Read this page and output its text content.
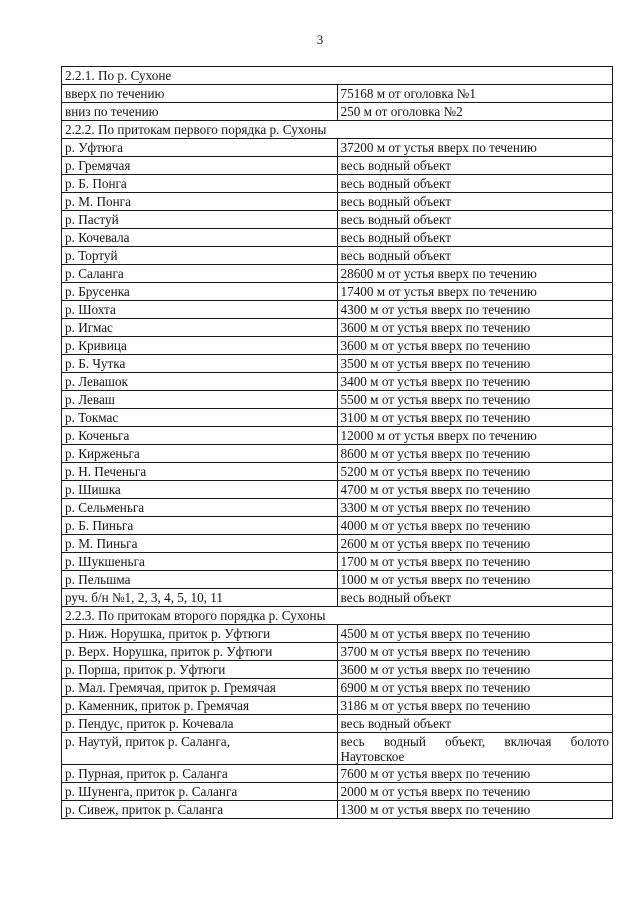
3
2.2.1. По р. Сухоне	
вверх по течению	75168 м от оголовка №1
вниз по течению	250 м от оголовка №2
2.2.2. По притокам первого порядка р. Сухоны	
р. Уфтюга	37200 м от устья вверх по течению
р. Гремячая	весь водный объект
р. Б. Понга	весь водный объект
р. М. Понга	весь водный объект
р. Пастуй	весь водный объект
р. Кочевала	весь водный объект
р. Тортуй	весь водный объект
р. Саланга	28600 м от устья вверх по течению
р. Брусенка	17400 м от устья вверх по течению
р. Шохта	4300 м от устья вверх по течению
р. Игмас	3600 м от устья вверх по течению
р. Кривица	3600 м от устья вверх по течению
р. Б. Чутка	3500 м от устья вверх по течению
р. Левашок	3400 м от устья вверх по течению
р. Леваш	5500 м от устья вверх по течению
р. Токмас	3100 м от устья вверх по течению
р. Коченьга	12000 м от устья вверх по течению
р. Кирженьга	8600 м от устья вверх по течению
р. Н. Печеньга	5200 м от устья вверх по течению
р. Шишка	4700 м от устья вверх по течению
р. Сельменьга	3300 м от устья вверх по течению
р. Б. Пиньга	4000 м от устья вверх по течению
р. М. Пиньга	2600 м от устья вверх по течению
р. Шукшеньга	1700 м от устья вверх по течению
р. Пельшма	1000 м от устья вверх по течению
руч. б/н №1, 2, 3, 4, 5, 10, 11	весь водный объект
2.2.3. По притокам второго порядка р. Сухоны	
р. Ниж. Норушка, приток р. Уфтюги	4500 м от устья вверх по течению
р. Верх. Норушка, приток р. Уфтюги	3700 м от устья вверх по течению
р. Порша, приток р. Уфтюги	3600 м от устья вверх по течению
р. Мал. Гремячая, приток р. Гремячая	6900 м от устья вверх по течению
р. Каменник, приток р. Гремячая	3186 м от устья вверх по течению
р. Пендус, приток р. Кочевала	весь водный объект
р. Наутуй, приток р. Саланга,	весь водный объект, включая болото Наутовское
р. Пурная, приток р. Саланга	7600 м от устья вверх по течению
р. Шуненга, приток р. Саланга	2000 м от устья вверх по течению
р. Сивеж, приток р. Саланга	1300 м от устья вверх по течению
